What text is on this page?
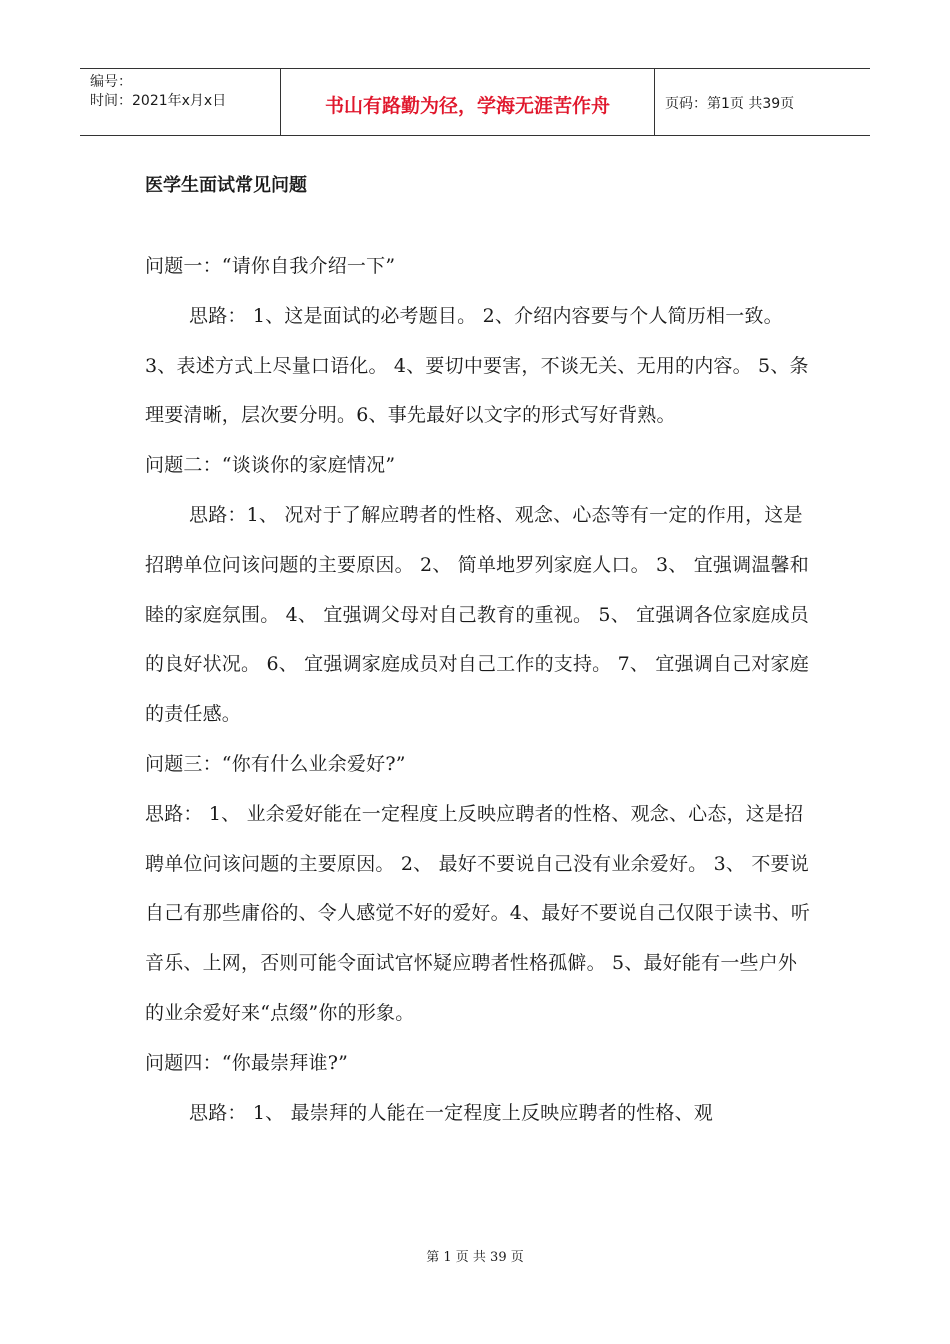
编号：
时间：2021年x月x日	书山有路勤为径，学海无涯苦作舟	页码：第1页 共39页
医学生面试常见问题

问题一：“请你自我介绍一下”

思路： 1、这是面试的必考题目。 2、介绍内容要与个人简历相一致。 3、表述方式上尽量口语化。 4、要切中要害，不谈无关、无用的内容。 5、条理要清晰，层次要分明。6、事先最好以文字的形式写好背熟。

问题二：“谈谈你的家庭情况”

思路：1、 况对于了解应聘者的性格、观念、心态等有一定的作用，这是招聘单位问该问题的主要原因。 2、 简单地罗列家庭人口。 3、 宜强调温馨和睦的家庭氛围。 4、 宜强调父母对自己教育的重视。 5、 宜强调各位家庭成员的良好状况。 6、 宜强调家庭成员对自己工作的支持。 7、 宜强调自己对家庭的责任感。

问题三：“你有什么业余爱好?”

思路： 1、 业余爱好能在一定程度上反映应聘者的性格、观念、心态，这是招聘单位问该问题的主要原因。 2、 最好不要说自己没有业余爱好。 3、 不要说自己有那些庸俗的、令人感觉不好的爱好。4、最好不要说自己仅限于读书、听音乐、上网，否则可能令面试官怀疑应聘者性格孤僻。 5、最好能有一些户外的业余爱好来“点缀”你的形象。

问题四：“你最崇拜谁?”

思路： 1、 最崇拜的人能在一定程度上反映应聘者的性格、观

第 1 页 共 39 页
